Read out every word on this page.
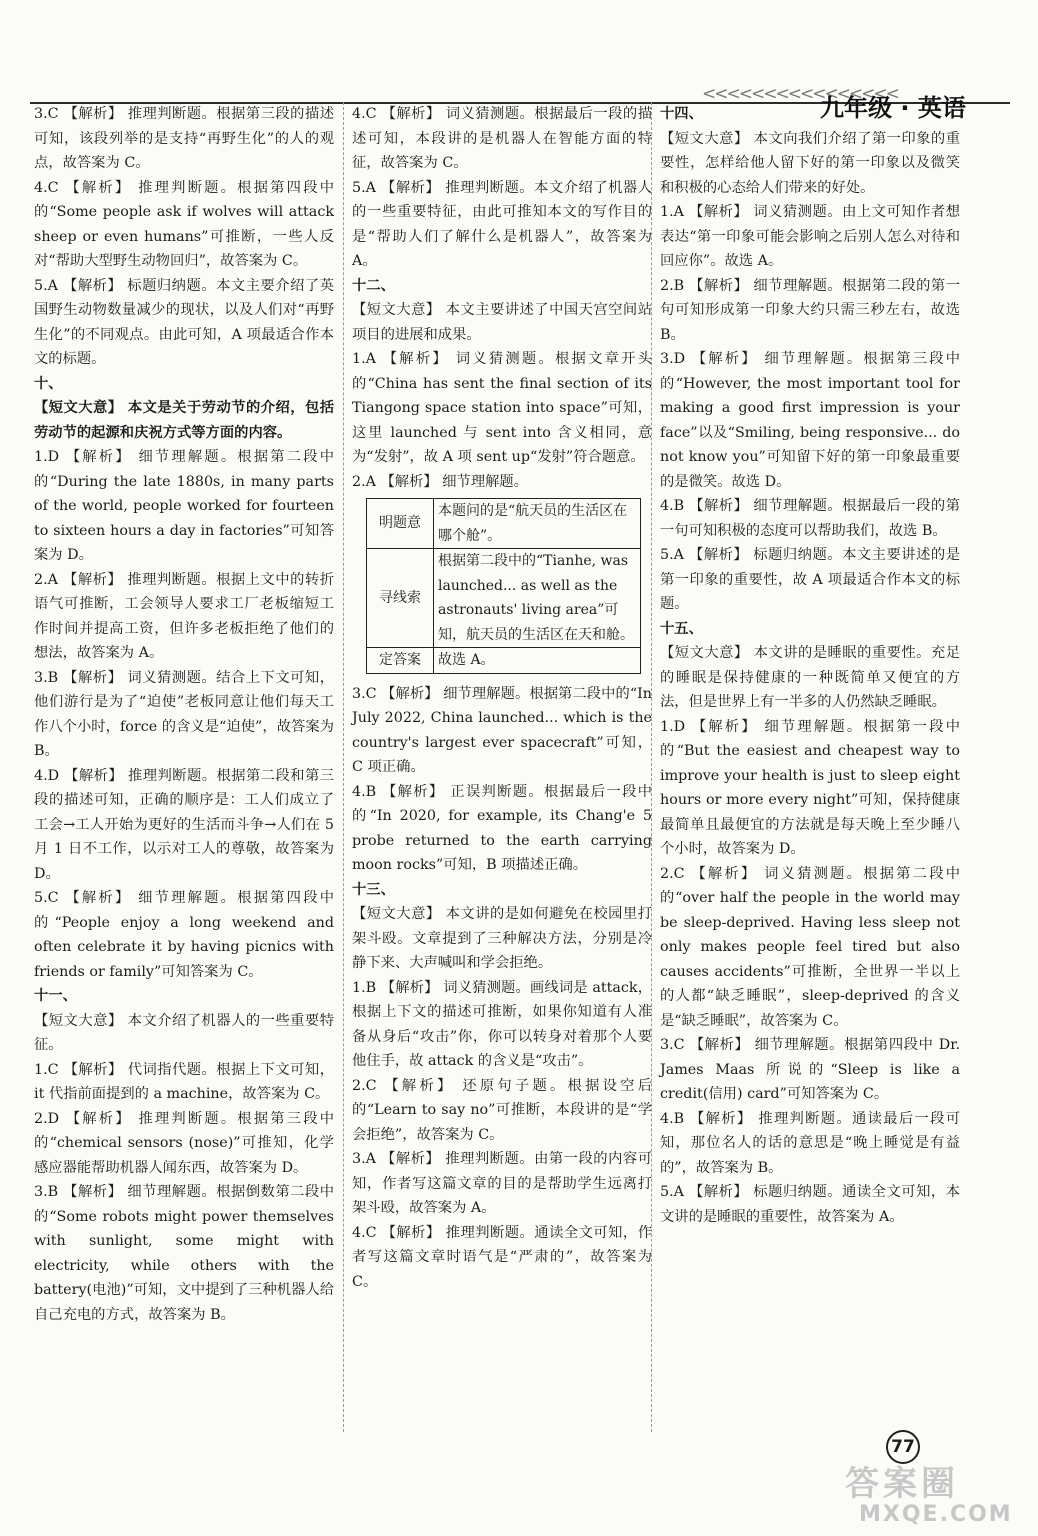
<<<<<<<<<<<<<<<<
九年级 · 英语

3.C 【解析】 推理判断题。根据第三段的描述可知，该段列举的是支持“再野生化”的人的观点，故答案为 C。

4.C 【解析】 推理判断题。根据第四段中的“Some people ask if wolves will attack sheep or even humans”可推断，一些人反对“帮助大型野生动物回归”，故答案为 C。

5.A 【解析】 标题归纳题。本文主要介绍了英国野生动物数量减少的现状，以及人们对“再野生化”的不同观点。由此可知，A 项最适合作本文的标题。

十、

【短文大意】 本文是关于劳动节的介绍，包括劳动节的起源和庆祝方式等方面的内容。

1.D 【解析】 细节理解题。根据第二段中的“During the late 1880s, in many parts of the world, people worked for fourteen to sixteen hours a day in factories”可知答案为 D。

2.A 【解析】 推理判断题。根据上文中的转折语气可推断，工会领导人要求工厂老板缩短工作时间并提高工资，但许多老板拒绝了他们的想法，故答案为 A。

3.B 【解析】 词义猜测题。结合上下文可知，他们游行是为了“迫使”老板同意让他们每天工作八个小时，force 的含义是“迫使”，故答案为 B。

4.D 【解析】 推理判断题。根据第二段和第三段的描述可知，正确的顺序是：工人们成立了工会→工人开始为更好的生活而斗争→人们在 5 月 1 日不工作，以示对工人的尊敬，故答案为 D。

5.C 【解析】 细节理解题。根据第四段中的“People enjoy a long weekend and often celebrate it by having picnics with friends or family”可知答案为 C。

十一、

【短文大意】 本文介绍了机器人的一些重要特征。

1.C 【解析】 代词指代题。根据上下文可知，it 代指前面提到的 a machine，故答案为 C。

2.D 【解析】 推理判断题。根据第三段中的“chemical sensors (nose)”可推知，化学感应器能帮助机器人闻东西，故答案为 D。

3.B 【解析】 细节理解题。根据倒数第二段中的“Some robots might power themselves with sunlight, some might with electricity, while others with the battery(电池)”可知，文中提到了三种机器人给自己充电的方式，故答案为 B。

4.C 【解析】 词义猜测题。根据最后一段的描述可知，本段讲的是机器人在智能方面的特征，故答案为 C。

5.A 【解析】 推理判断题。本文介绍了机器人的一些重要特征，由此可推知本文的写作目的是“帮助人们了解什么是机器人”，故答案为 A。

十二、

【短文大意】 本文主要讲述了中国天宫空间站项目的进展和成果。

1.A 【解析】 词义猜测题。根据文章开头的“China has sent the final section of its Tiangong space station into space”可知，这里 launched 与 sent into 含义相同，意为“发射”，故 A 项 sent up“发射”符合题意。

2.A 【解析】 细节理解题。

明题意	本题问的是“航天员的生活区在哪个舱”。
寻线索	根据第二段中的“Tianhe, was launched... as well as the astronauts' living area”可知，航天员的生活区在天和舱。
定答案	故选 A。

3.C 【解析】 细节理解题。根据第二段中的“In July 2022, China launched... which is the country's largest ever spacecraft”可知，C 项正确。

4.B 【解析】 正误判断题。根据最后一段中的“In 2020, for example, its Chang'e 5 probe returned to the earth carrying moon rocks”可知，B 项描述正确。

十三、

【短文大意】 本文讲的是如何避免在校园里打架斗殴。文章提到了三种解决方法，分别是冷静下来、大声喊叫和学会拒绝。

1.B 【解析】 词义猜测题。画线词是 attack，根据上下文的描述可推断，如果你知道有人准备从身后“攻击”你，你可以转身对着那个人要他住手，故 attack 的含义是“攻击”。

2.C 【解析】 还原句子题。根据设空后的“Learn to say no”可推断，本段讲的是“学会拒绝”，故答案为 C。

3.A 【解析】 推理判断题。由第一段的内容可知，作者写这篇文章的目的是帮助学生远离打架斗殴，故答案为 A。

4.C 【解析】 推理判断题。通读全文可知，作者写这篇文章时语气是“严肃的”，故答案为 C。

十四、

【短文大意】 本文向我们介绍了第一印象的重要性，怎样给他人留下好的第一印象以及微笑和积极的心态给人们带来的好处。

1.A 【解析】 词义猜测题。由上文可知作者想表达“第一印象可能会影响之后别人怎么对待和回应你”。故选 A。

2.B 【解析】 细节理解题。根据第二段的第一句可知形成第一印象大约只需三秒左右，故选 B。

3.D 【解析】 细节理解题。根据第三段中的“However, the most important tool for making a good first impression is your face”以及“Smiling, being responsive... do not know you”可知留下好的第一印象最重要的是微笑。故选 D。

4.B 【解析】 细节理解题。根据最后一段的第一句可知积极的态度可以帮助我们，故选 B。

5.A 【解析】 标题归纳题。本文主要讲述的是第一印象的重要性，故 A 项最适合作本文的标题。

十五、

【短文大意】 本文讲的是睡眠的重要性。充足的睡眠是保持健康的一种既简单又便宜的方法，但是世界上有一半多的人仍然缺乏睡眠。

1.D 【解析】 细节理解题。根据第一段中的“But the easiest and cheapest way to improve your health is just to sleep eight hours or more every night”可知，保持健康最简单且最便宜的方法就是每天晚上至少睡八个小时，故答案为 D。

2.C 【解析】 词义猜测题。根据第二段中的“over half the people in the world may be sleep-deprived. Having less sleep not only makes people feel tired but also causes accidents”可推断，全世界一半以上的人都“缺乏睡眠”，sleep-deprived 的含义是“缺乏睡眠”，故答案为 C。

3.C 【解析】 细节理解题。根据第四段中 Dr. James Maas 所说的“Sleep is like a credit(信用) card”可知答案为 C。

4.B 【解析】 推理判断题。通读最后一段可知，那位名人的话的意思是“晚上睡觉是有益的”，故答案为 B。

5.A 【解析】 标题归纳题。通读全文可知，本文讲的是睡眠的重要性，故答案为 A。

77
答案圈
MXQE.COM
